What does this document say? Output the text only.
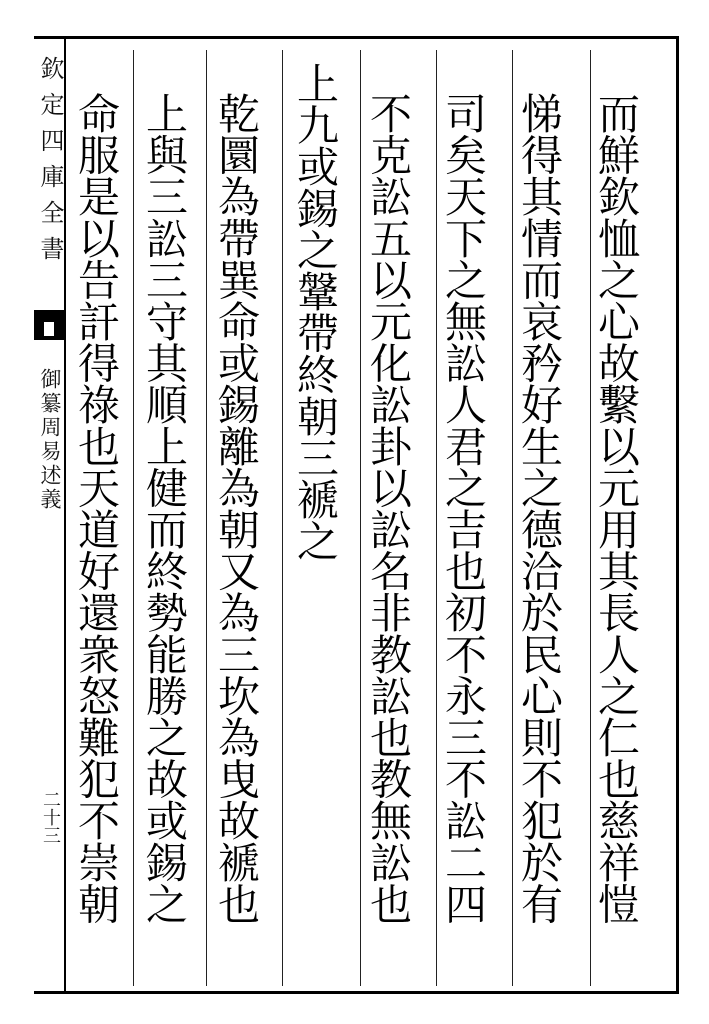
而鮮欽恤之心故繫以元用其長人之仁也慈祥愷
悌得其情而哀矜好生之德洽於民心則不犯於有
司矣天下之無訟人君之吉也初不永三不訟二四
不克訟五以元化訟卦以訟名非教訟也教無訟也
上九或錫之鞶帶終朝三褫之
乾圜為帶巽命或錫離為朝又為三坎為曳故褫也
上與三訟三守其順上健而終勢能勝之故或錫之
命服是以告訐得祿也天道好還衆怒難犯不崇朝
欽定四庫全書
御纂周易述義
二十三
